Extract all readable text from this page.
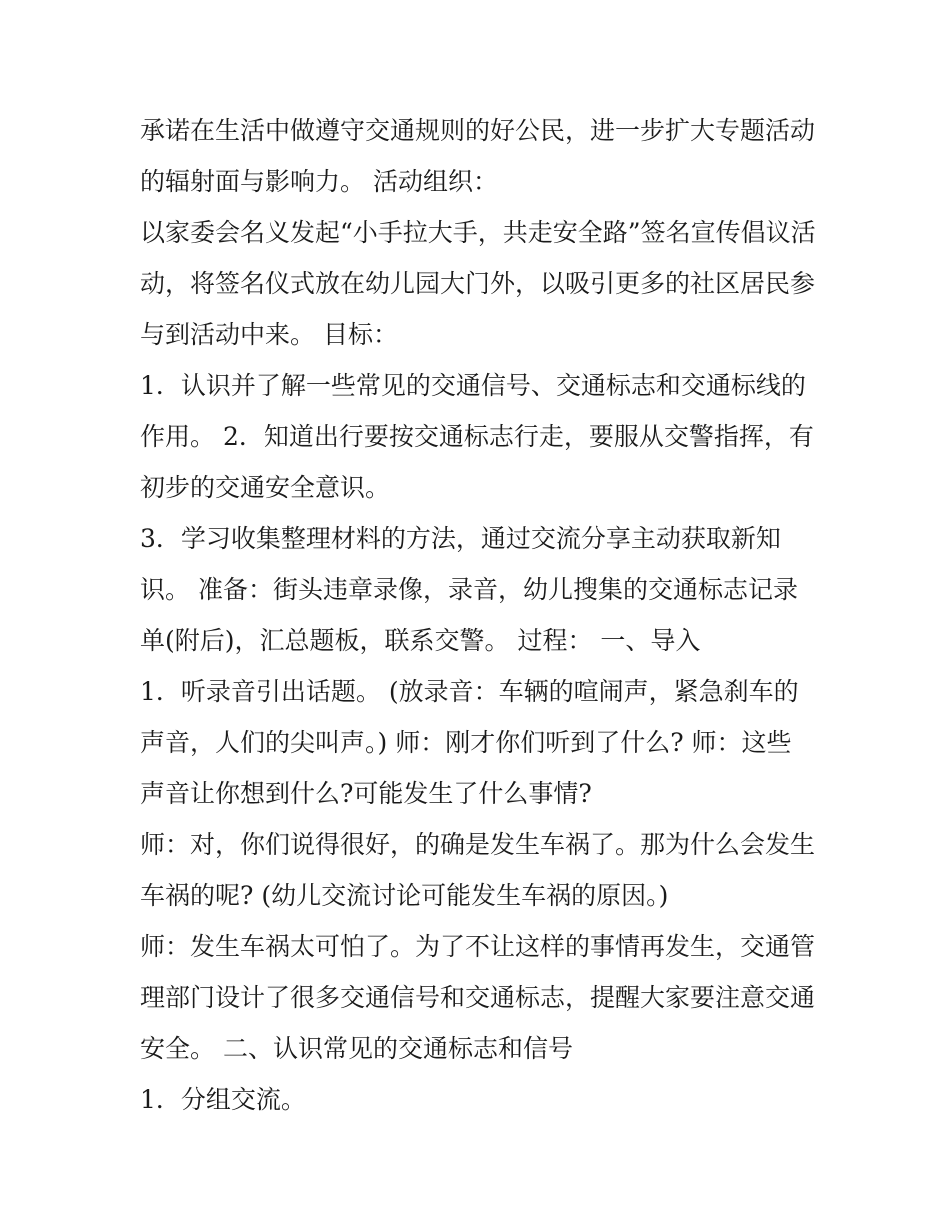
承诺在生活中做遵守交通规则的好公民，进一步扩大专题活动
的辐射面与影响力。 活动组织：
以家委会名义发起“小手拉大手，共走安全路”签名宣传倡议活
动，将签名仪式放在幼儿园大门外，以吸引更多的社区居民参
与到活动中来。 目标：
1．认识并了解一些常见的交通信号、交通标志和交通标线的
作用。 2．知道出行要按交通标志行走，要服从交警指挥，有
初步的交通安全意识。
3．学习收集整理材料的方法，通过交流分享主动获取新知
识。 准备：街头违章录像，录音，幼儿搜集的交通标志记录
单(附后)，汇总题板，联系交警。 过程： 一、导入
1．听录音引出话题。 (放录音：车辆的喧闹声，紧急刹车的
声音，人们的尖叫声。) 师：刚才你们听到了什么? 师：这些
声音让你想到什么?可能发生了什么事情?
师：对，你们说得很好，的确是发生车祸了。那为什么会发生
车祸的呢? (幼儿交流讨论可能发生车祸的原因。)
师：发生车祸太可怕了。为了不让这样的事情再发生，交通管
理部门设计了很多交通信号和交通标志，提醒大家要注意交通
安全。 二、认识常见的交通标志和信号
1．分组交流。
